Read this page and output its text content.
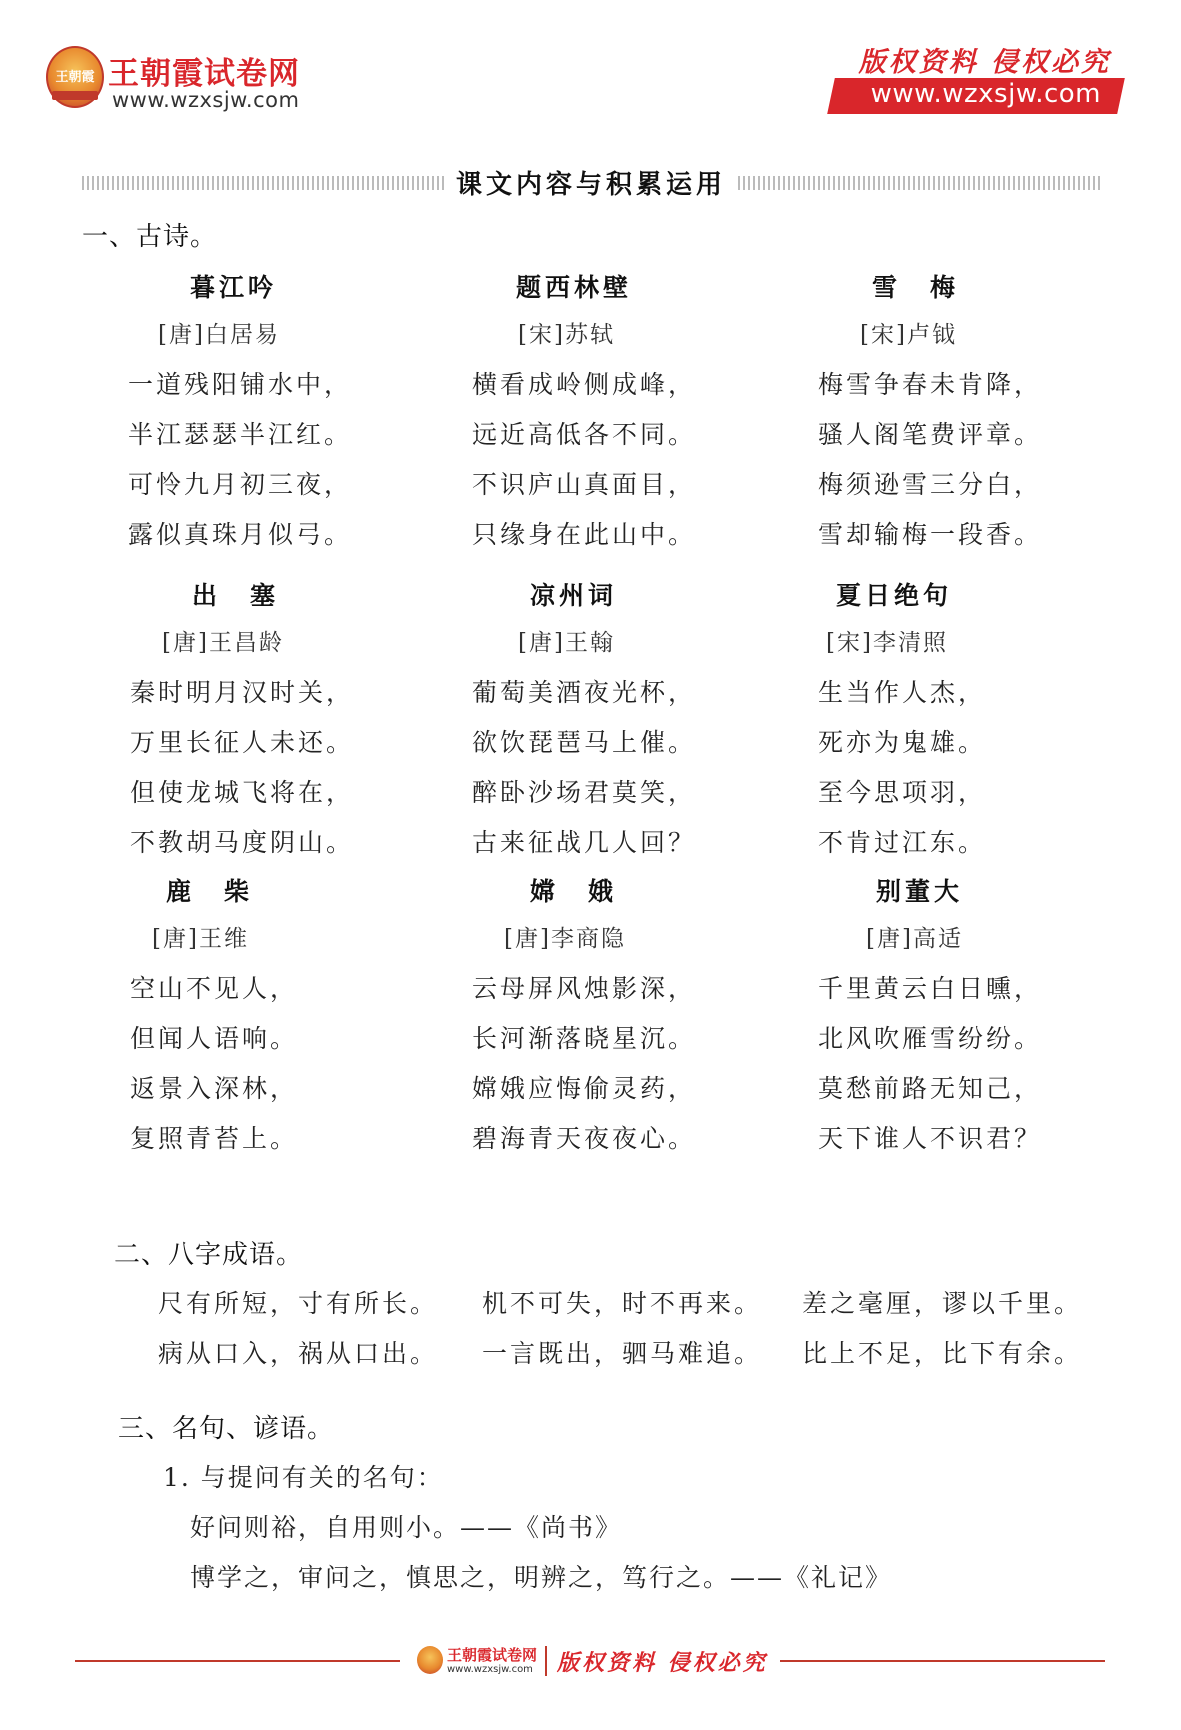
王朝霞 王朝霞试卷网
www.wzxsjw.com
版权资料 侵权必究
www.wzxsjw.com
课文内容与积累运用
一、古诗。
暮江吟
[唐]白居易
一道残阳铺水中，
半江瑟瑟半江红。
可怜九月初三夜，
露似真珠月似弓。
题西林壁
[宋]苏轼
横看成岭侧成峰，
远近高低各不同。
不识庐山真面目，
只缘身在此山中。
雪　梅
[宋]卢钺
梅雪争春未肯降，
骚人阁笔费评章。
梅须逊雪三分白，
雪却输梅一段香。
出　塞
[唐]王昌龄
秦时明月汉时关，
万里长征人未还。
但使龙城飞将在，
不教胡马度阴山。
凉州词
[唐]王翰
葡萄美酒夜光杯，
欲饮琵琶马上催。
醉卧沙场君莫笑，
古来征战几人回？
夏日绝句
[宋]李清照
生当作人杰，
死亦为鬼雄。
至今思项羽，
不肯过江东。
鹿　柴
[唐]王维
空山不见人，
但闻人语响。
返景入深林，
复照青苔上。
嫦　娥
[唐]李商隐
云母屏风烛影深，
长河渐落晓星沉。
嫦娥应悔偷灵药，
碧海青天夜夜心。
别董大
[唐]高适
千里黄云白日曛，
北风吹雁雪纷纷。
莫愁前路无知己，
天下谁人不识君？
二、八字成语。
尺有所短，寸有所长。 机不可失，时不再来。 差之毫厘，谬以千里。
病从口入，祸从口出。 一言既出，驷马难追。 比上不足，比下有余。
三、名句、谚语。
1. 与提问有关的名句：
好问则裕，自用则小。——《尚书》
博学之，审问之，慎思之，明辨之，笃行之。——《礼记》
王朝霞试卷网
www.wzxsjw.com 版权资料 侵权必究
